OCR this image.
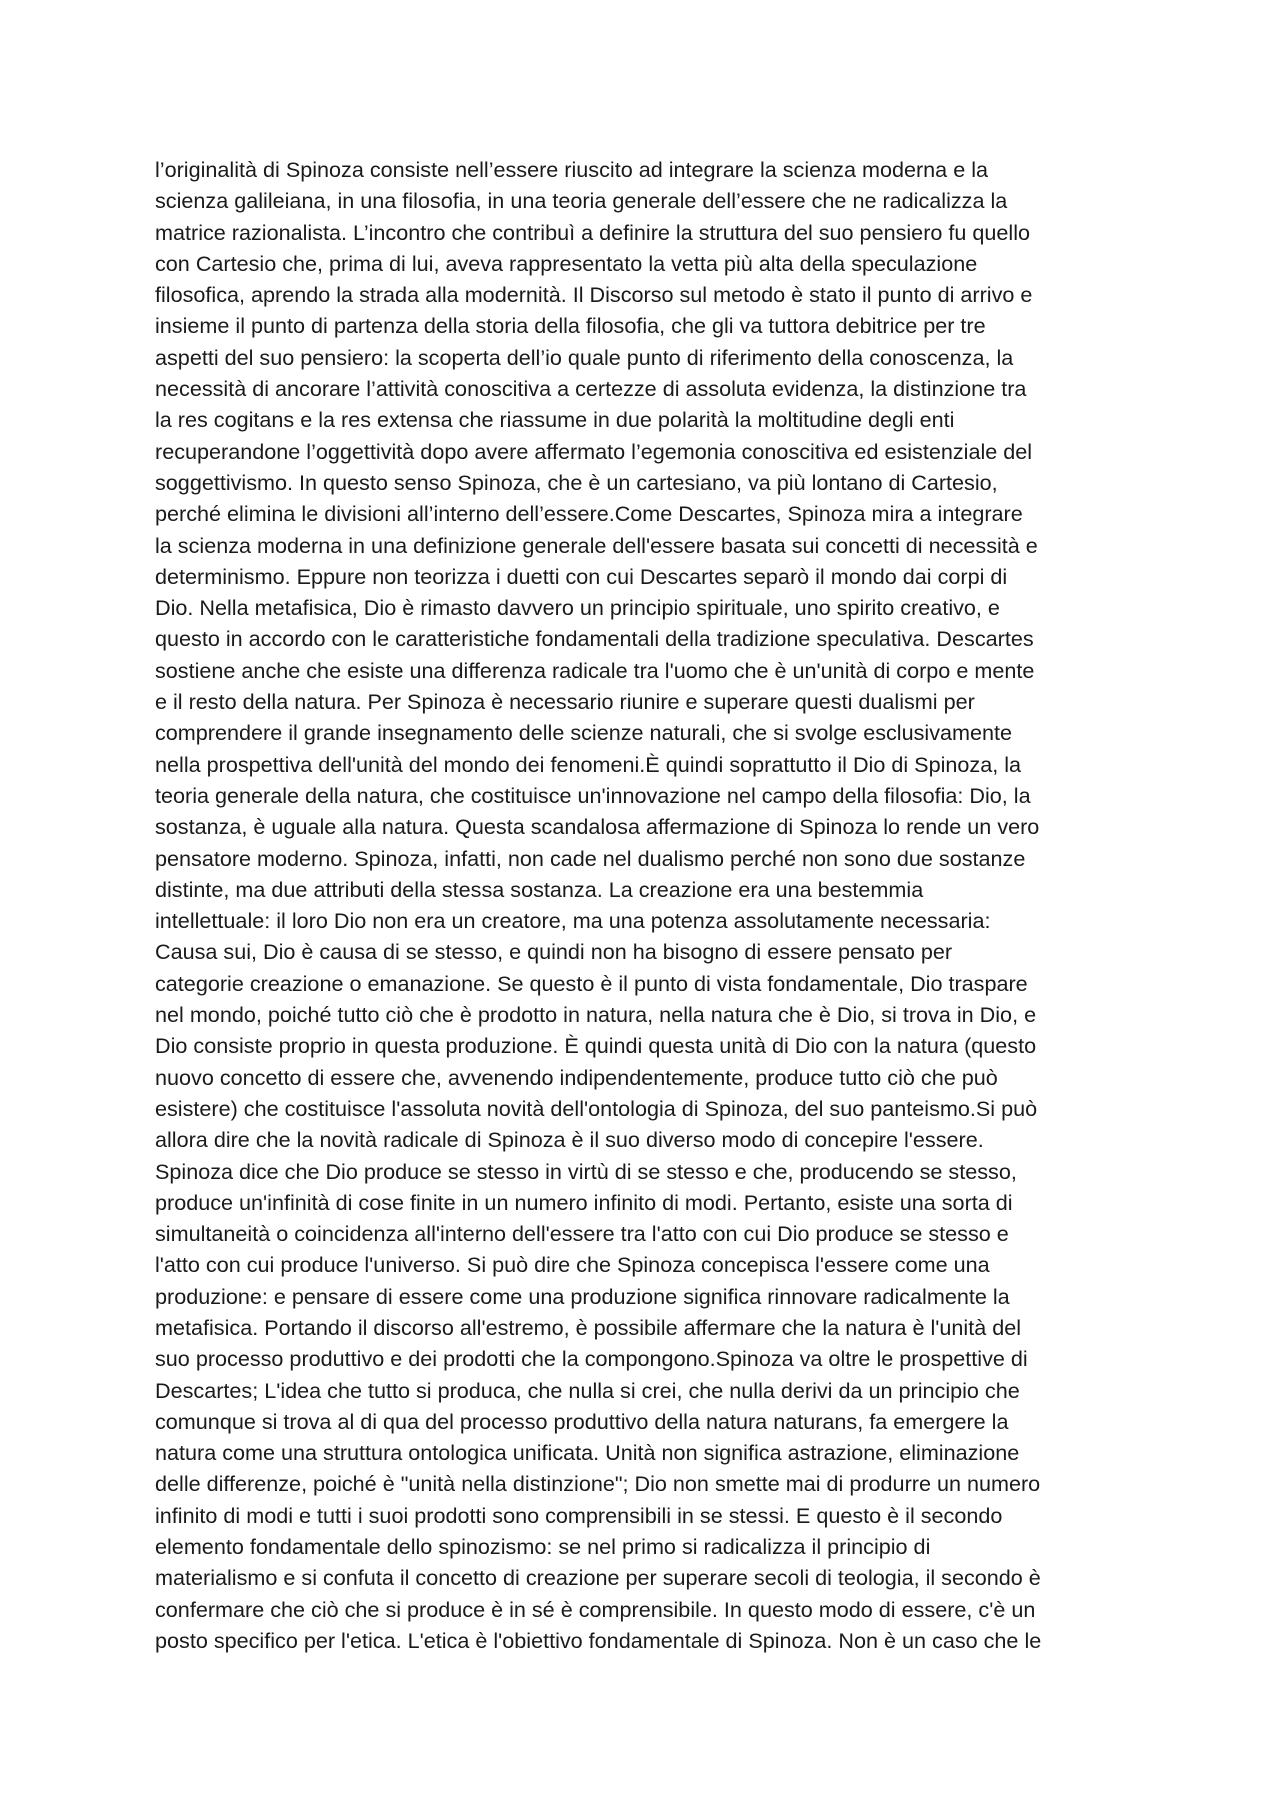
l’originalità di Spinoza consiste nell’essere riuscito ad integrare la scienza moderna e la
scienza galileiana, in una filosofia, in una teoria generale dell’essere che ne radicalizza la
matrice razionalista. L’incontro che contribuì a definire la struttura del suo pensiero fu quello
con Cartesio che, prima di lui, aveva rappresentato la vetta più alta della speculazione
filosofica, aprendo la strada alla modernità. Il Discorso sul metodo è stato il punto di arrivo e
insieme il punto di partenza della storia della filosofia, che gli va tuttora debitrice per tre
aspetti del suo pensiero: la scoperta dell’io quale punto di riferimento della conoscenza, la
necessità di ancorare l’attività conoscitiva a certezze di assoluta evidenza, la distinzione tra
la res cogitans e la res extensa che riassume in due polarità la moltitudine degli enti
recuperandone l’oggettività dopo avere affermato l’egemonia conoscitiva ed esistenziale del
soggettivismo. In questo senso Spinoza, che è un cartesiano, va più lontano di Cartesio,
perché elimina le divisioni all’interno dell’essere.Come Descartes, Spinoza mira a integrare
la scienza moderna in una definizione generale dell'essere basata sui concetti di necessità e
determinismo. Eppure non teorizza i duetti con cui Descartes separò il mondo dai corpi di
Dio. Nella metafisica, Dio è rimasto davvero un principio spirituale, uno spirito creativo, e
questo in accordo con le caratteristiche fondamentali della tradizione speculativa. Descartes
sostiene anche che esiste una differenza radicale tra l'uomo che è un'unità di corpo e mente
e il resto della natura. Per Spinoza è necessario riunire e superare questi dualismi per
comprendere il grande insegnamento delle scienze naturali, che si svolge esclusivamente
nella prospettiva dell'unità del mondo dei fenomeni.È quindi soprattutto il Dio di Spinoza, la
teoria generale della natura, che costituisce un'innovazione nel campo della filosofia: Dio, la
sostanza, è uguale alla natura. Questa scandalosa affermazione di Spinoza lo rende un vero
pensatore moderno. Spinoza, infatti, non cade nel dualismo perché non sono due sostanze
distinte, ma due attributi della stessa sostanza. La creazione era una bestemmia
intellettuale: il loro Dio non era un creatore, ma una potenza assolutamente necessaria:
Causa sui, Dio è causa di se stesso, e quindi non ha bisogno di essere pensato per
categorie creazione o emanazione. Se questo è il punto di vista fondamentale, Dio traspare
nel mondo, poiché tutto ciò che è prodotto in natura, nella natura che è Dio, si trova in Dio, e
Dio consiste proprio in questa produzione. È quindi questa unità di Dio con la natura (questo
nuovo concetto di essere che, avvenendo indipendentemente, produce tutto ciò che può
esistere) che costituisce l'assoluta novità dell'ontologia di Spinoza, del suo panteismo.Si può
allora dire che la novità radicale di Spinoza è il suo diverso modo di concepire l'essere.
Spinoza dice che Dio produce se stesso in virtù di se stesso e che, producendo se stesso,
produce un'infinità di cose finite in un numero infinito di modi. Pertanto, esiste una sorta di
simultaneità o coincidenza all'interno dell'essere tra l'atto con cui Dio produce se stesso e
l'atto con cui produce l'universo. Si può dire che Spinoza concepisca l'essere come una
produzione: e pensare di essere come una produzione significa rinnovare radicalmente la
metafisica. Portando il discorso all'estremo, è possibile affermare che la natura è l'unità del
suo processo produttivo e dei prodotti che la compongono.Spinoza va oltre le prospettive di
Descartes; L'idea che tutto si produca, che nulla si crei, che nulla derivi da un principio che
comunque si trova al di qua del processo produttivo della natura naturans, fa emergere la
natura come una struttura ontologica unificata. Unità non significa astrazione, eliminazione
delle differenze, poiché è "unità nella distinzione"; Dio non smette mai di produrre un numero
infinito di modi e tutti i suoi prodotti sono comprensibili in se stessi. E questo è il secondo
elemento fondamentale dello spinozismo: se nel primo si radicalizza il principio di
materialismo e si confuta il concetto di creazione per superare secoli di teologia, il secondo è
confermare che ciò che si produce è in sé è comprensibile. In questo modo di essere, c'è un
posto specifico per l'etica. L'etica è l'obiettivo fondamentale di Spinoza. Non è un caso che le
